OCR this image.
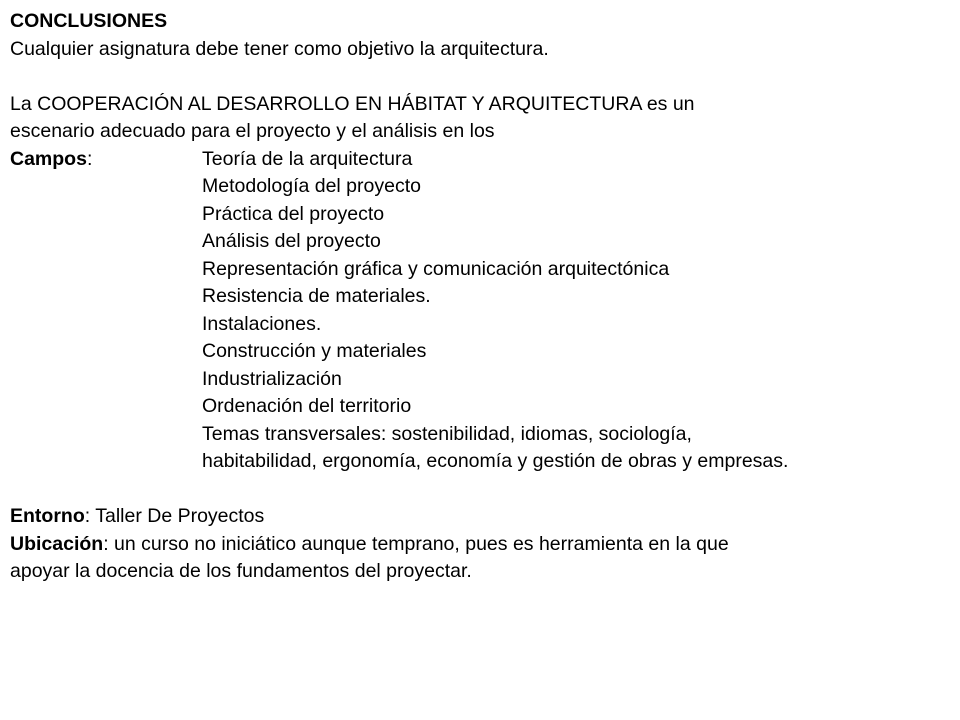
CONCLUSIONES
Cualquier asignatura debe tener como objetivo la arquitectura.
La COOPERACIÓN AL DESARROLLO EN HÁBITAT Y ARQUITECTURA es un
escenario adecuado para el proyecto y el análisis en los
Campos:	Teoría de la arquitectura
Metodología del proyecto
Práctica del proyecto
Análisis del proyecto
Representación gráfica y comunicación arquitectónica
Resistencia de materiales.
Instalaciones.
Construcción y materiales
Industrialización
Ordenación del territorio
Temas transversales: sostenibilidad, idiomas, sociología,
habitabilidad, ergonomía, economía y gestión de obras y empresas.
Entorno: Taller De Proyectos
Ubicación: un curso no iniciático aunque temprano, pues es herramienta en la que
apoyar la docencia de los fundamentos del proyectar.
